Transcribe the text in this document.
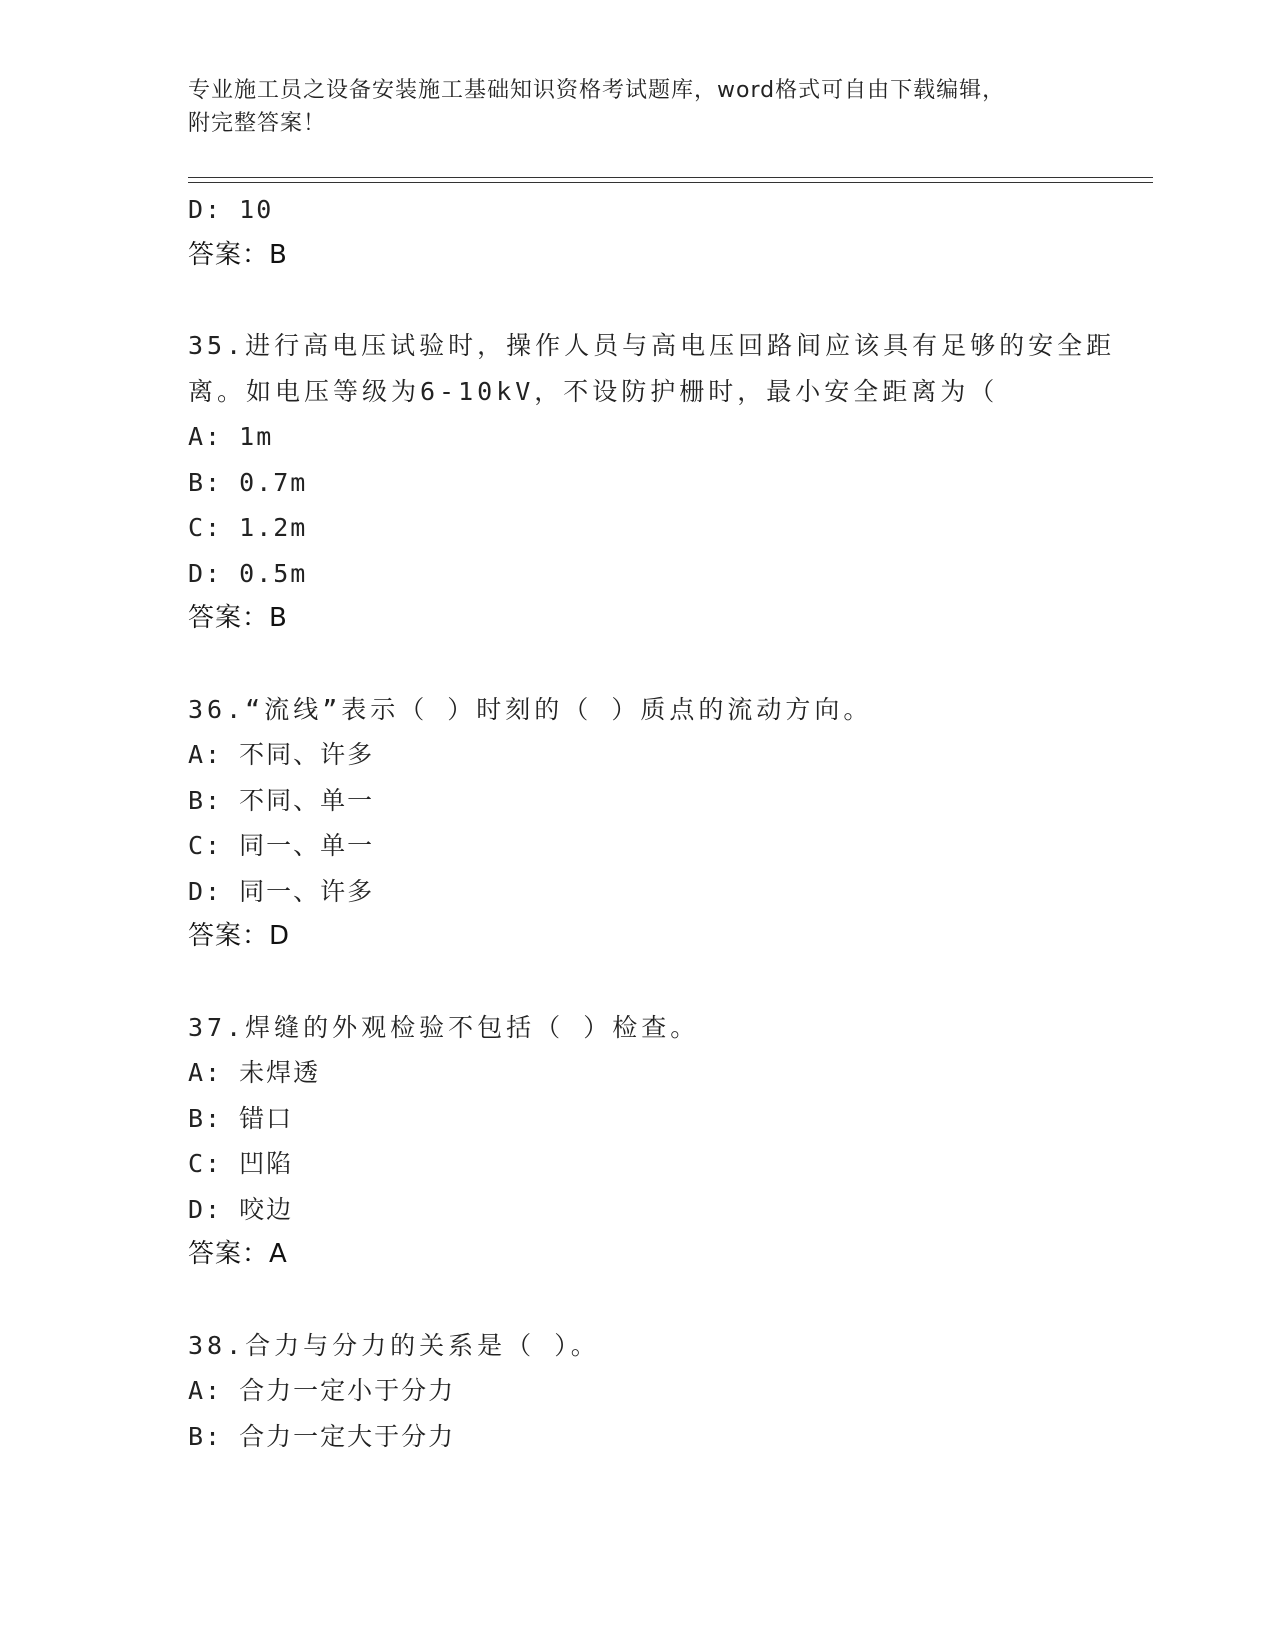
专业施工员之设备安装施工基础知识资格考试题库，word格式可自由下载编辑，
附完整答案！
D: 10
答案：B
35.进行高电压试验时，操作人员与高电压回路间应该具有足够的安全距离。如电压等级为6-10kV，不设防护栅时，最小安全距离为（
A: 1m
B: 0.7m
C: 1.2m
D: 0.5m
答案：B
36.“流线”表示（ ）时刻的（ ）质点的流动方向。
A: 不同、许多
B: 不同、单一
C: 同一、单一
D: 同一、许多
答案：D
37.焊缝的外观检验不包括（ ）检查。
A: 未焊透
B: 错口
C: 凹陷
D: 咬边
答案：A
38.合力与分力的关系是（ ）。
A: 合力一定小于分力
B: 合力一定大于分力
